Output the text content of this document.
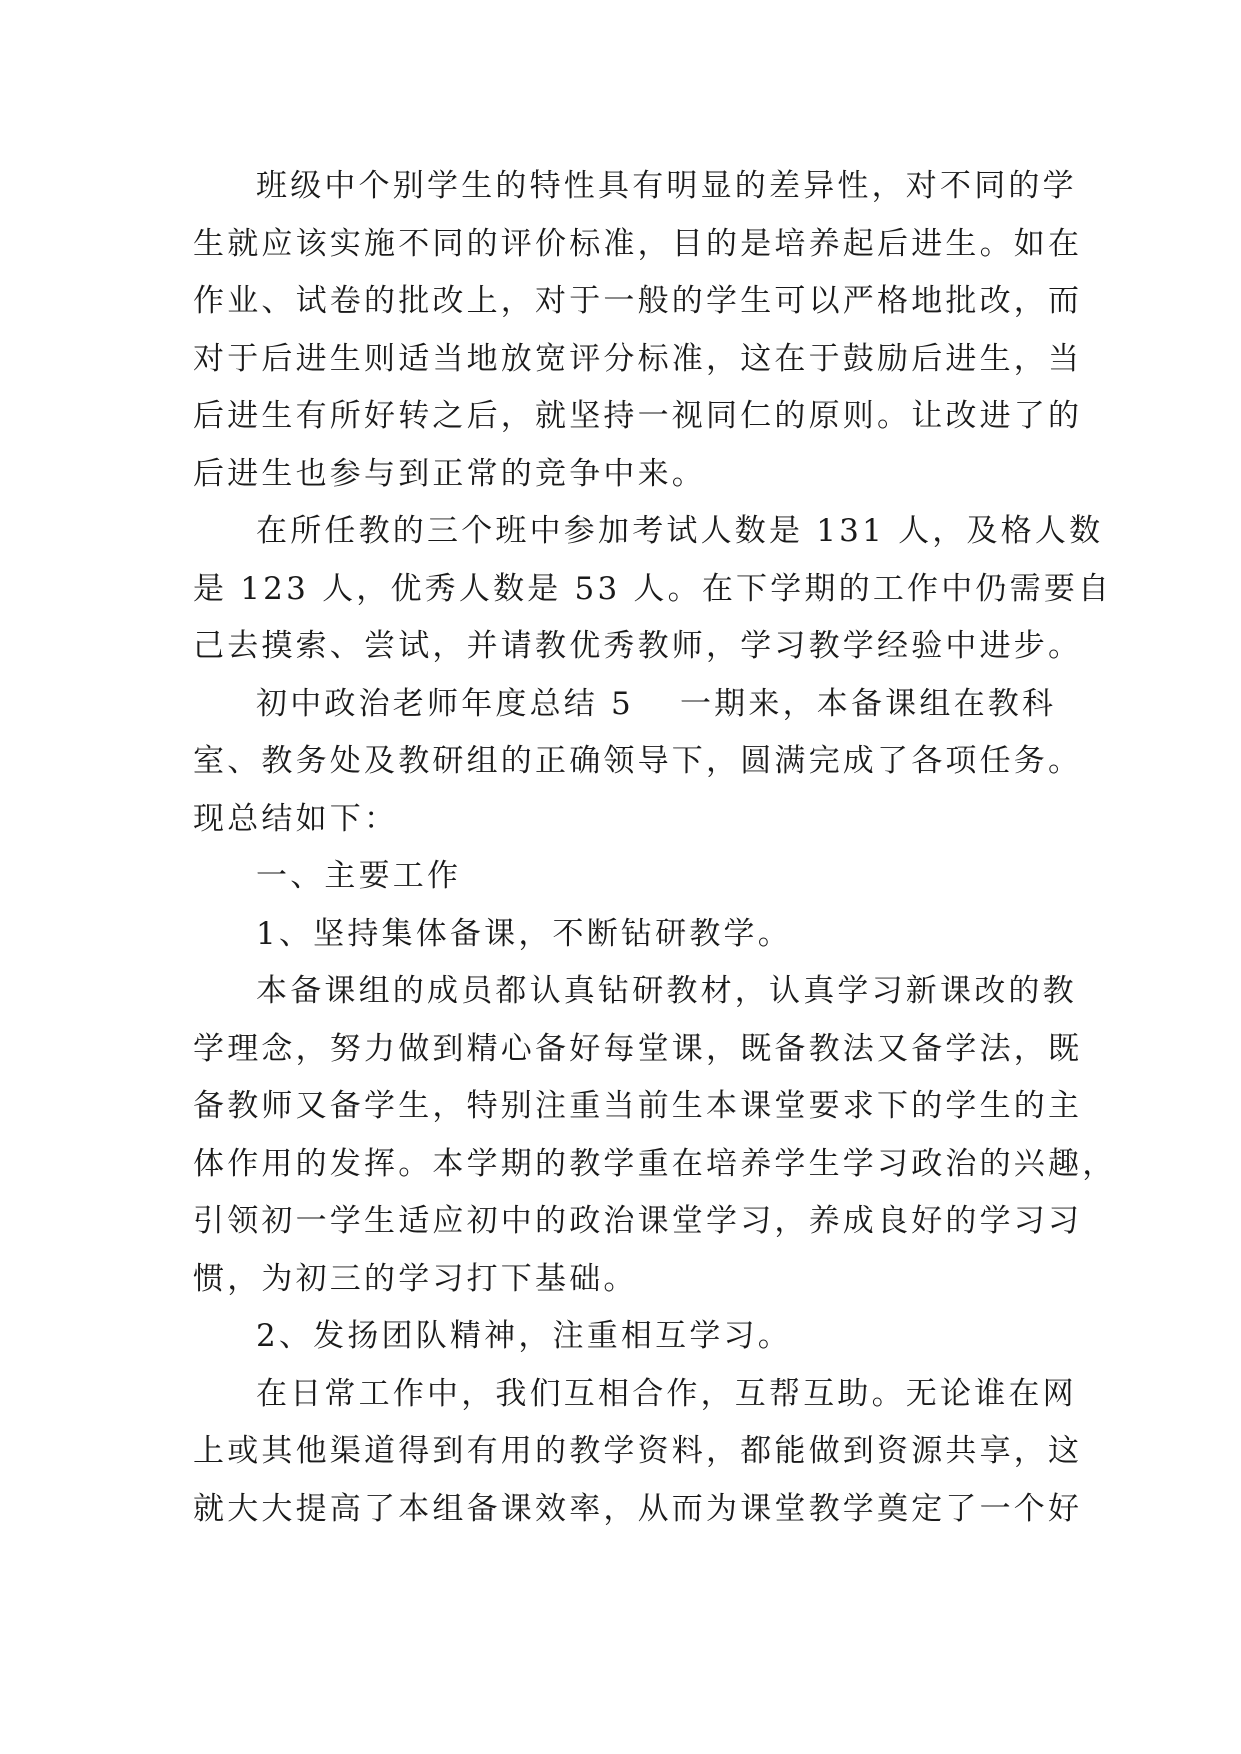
班级中个别学生的特性具有明显的差异性，对不同的学
生就应该实施不同的评价标准，目的是培养起后进生。如在
作业、试卷的批改上，对于一般的学生可以严格地批改，而
对于后进生则适当地放宽评分标准，这在于鼓励后进生，当
后进生有所好转之后，就坚持一视同仁的原则。让改进了的
后进生也参与到正常的竞争中来。
在所任教的三个班中参加考试人数是 131 人，及格人数
是 123 人，优秀人数是 53 人。在下学期的工作中仍需要自
己去摸索、尝试，并请教优秀教师，学习教学经验中进步。
初中政治老师年度总结 5 一期来，本备课组在教科
室、教务处及教研组的正确领导下，圆满完成了各项任务。
现总结如下：
一、主要工作
1、坚持集体备课，不断钻研教学。
本备课组的成员都认真钻研教材，认真学习新课改的教
学理念，努力做到精心备好每堂课，既备教法又备学法，既
备教师又备学生，特别注重当前生本课堂要求下的学生的主
体作用的发挥。本学期的教学重在培养学生学习政治的兴趣，
引领初一学生适应初中的政治课堂学习，养成良好的学习习
惯，为初三的学习打下基础。
2、发扬团队精神，注重相互学习。
在日常工作中，我们互相合作，互帮互助。无论谁在网
上或其他渠道得到有用的教学资料，都能做到资源共享，这
就大大提高了本组备课效率，从而为课堂教学奠定了一个好
